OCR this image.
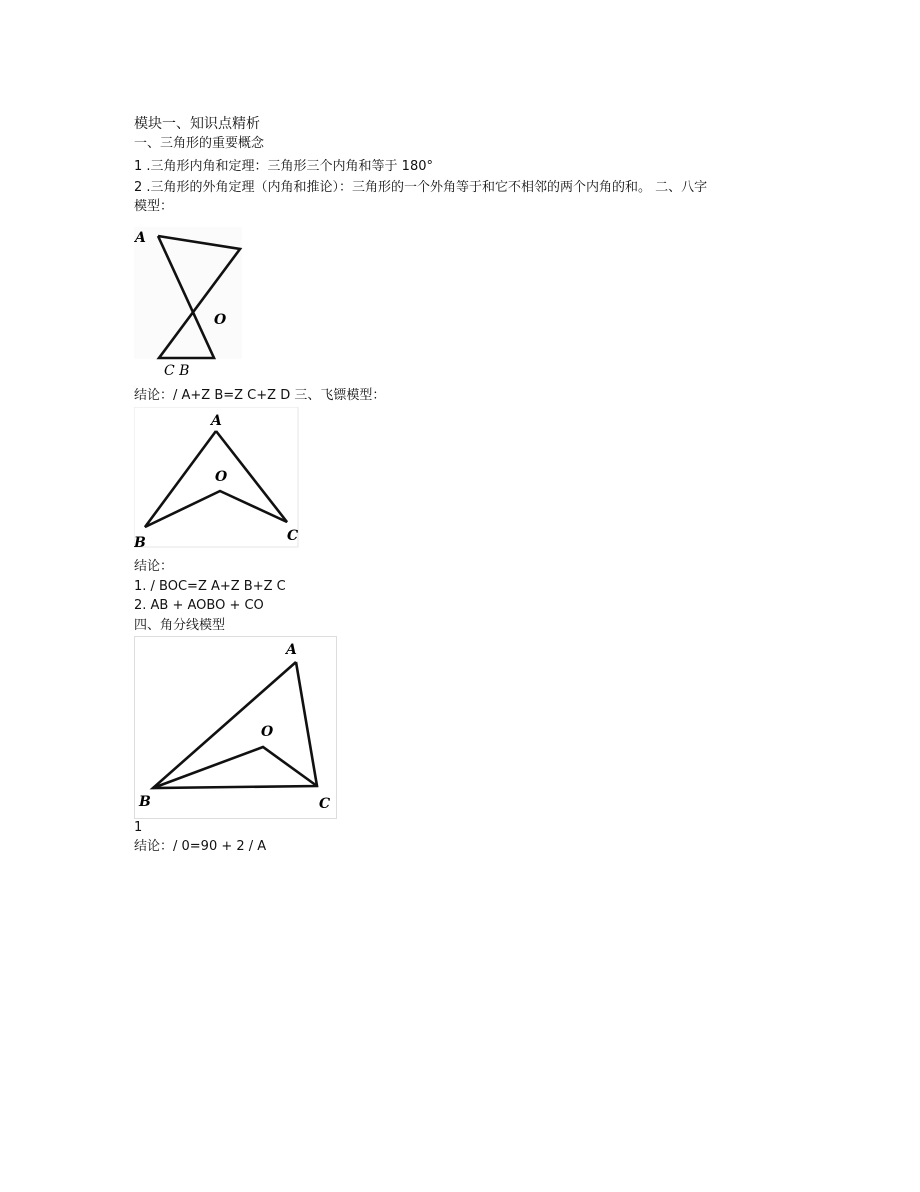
模块一、知识点精析
一、三角形的重要概念
1 .三角形内角和定理：三角形三个内角和等于 180°
2 .三角形的外角定理（内角和推论）：三角形的一个外角等于和它不相邻的两个内角的和。 二、八字
模型：
A
O
C B
结论：/ A+Z B=Z C+Z D 三、飞镖模型：
A
O
B	C
结论：
1. / BOC=Z A+Z B+Z C
2. AB + AOBO + CO
四、角分线模型
A
O
B	C
1
结论：/ 0=90 + 2 / A
